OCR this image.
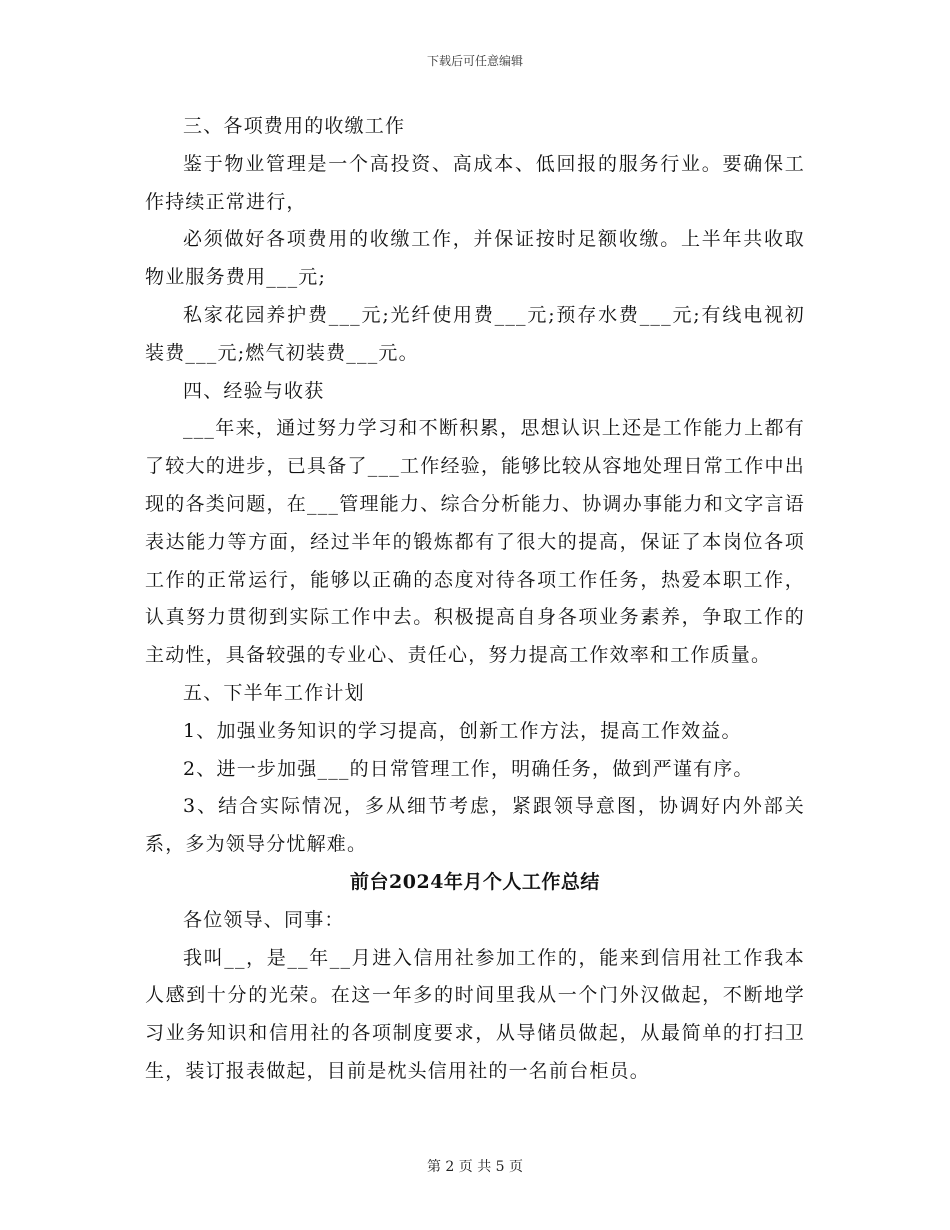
下载后可任意编辑

三、各项费用的收缴工作

鉴于物业管理是一个高投资、高成本、低回报的服务行业。要确保工作持续正常进行，

必须做好各项费用的收缴工作，并保证按时足额收缴。上半年共收取物业服务费用___元;

私家花园养护费___元;光纤使用费___元;预存水费___元;有线电视初装费___元;燃气初装费___元。

四、经验与收获

___年来，通过努力学习和不断积累，思想认识上还是工作能力上都有了较大的进步，已具备了___工作经验，能够比较从容地处理日常工作中出现的各类问题，在___管理能力、综合分析能力、协调办事能力和文字言语表达能力等方面，经过半年的锻炼都有了很大的提高，保证了本岗位各项工作的正常运行，能够以正确的态度对待各项工作任务，热爱本职工作，认真努力贯彻到实际工作中去。积极提高自身各项业务素养，争取工作的主动性，具备较强的专业心、责任心，努力提高工作效率和工作质量。

五、下半年工作计划

1、加强业务知识的学习提高，创新工作方法，提高工作效益。

2、进一步加强___的日常管理工作，明确任务，做到严谨有序。

3、结合实际情况，多从细节考虑，紧跟领导意图，协调好内外部关系，多为领导分忧解难。

前台2024年月个人工作总结

各位领导、同事：

我叫__，是__年__月进入信用社参加工作的，能来到信用社工作我本人感到十分的光荣。在这一年多的时间里我从一个门外汉做起，不断地学习业务知识和信用社的各项制度要求，从导储员做起，从最简单的打扫卫生，装订报表做起，目前是枕头信用社的一名前台柜员。

第 2 页 共 5 页
